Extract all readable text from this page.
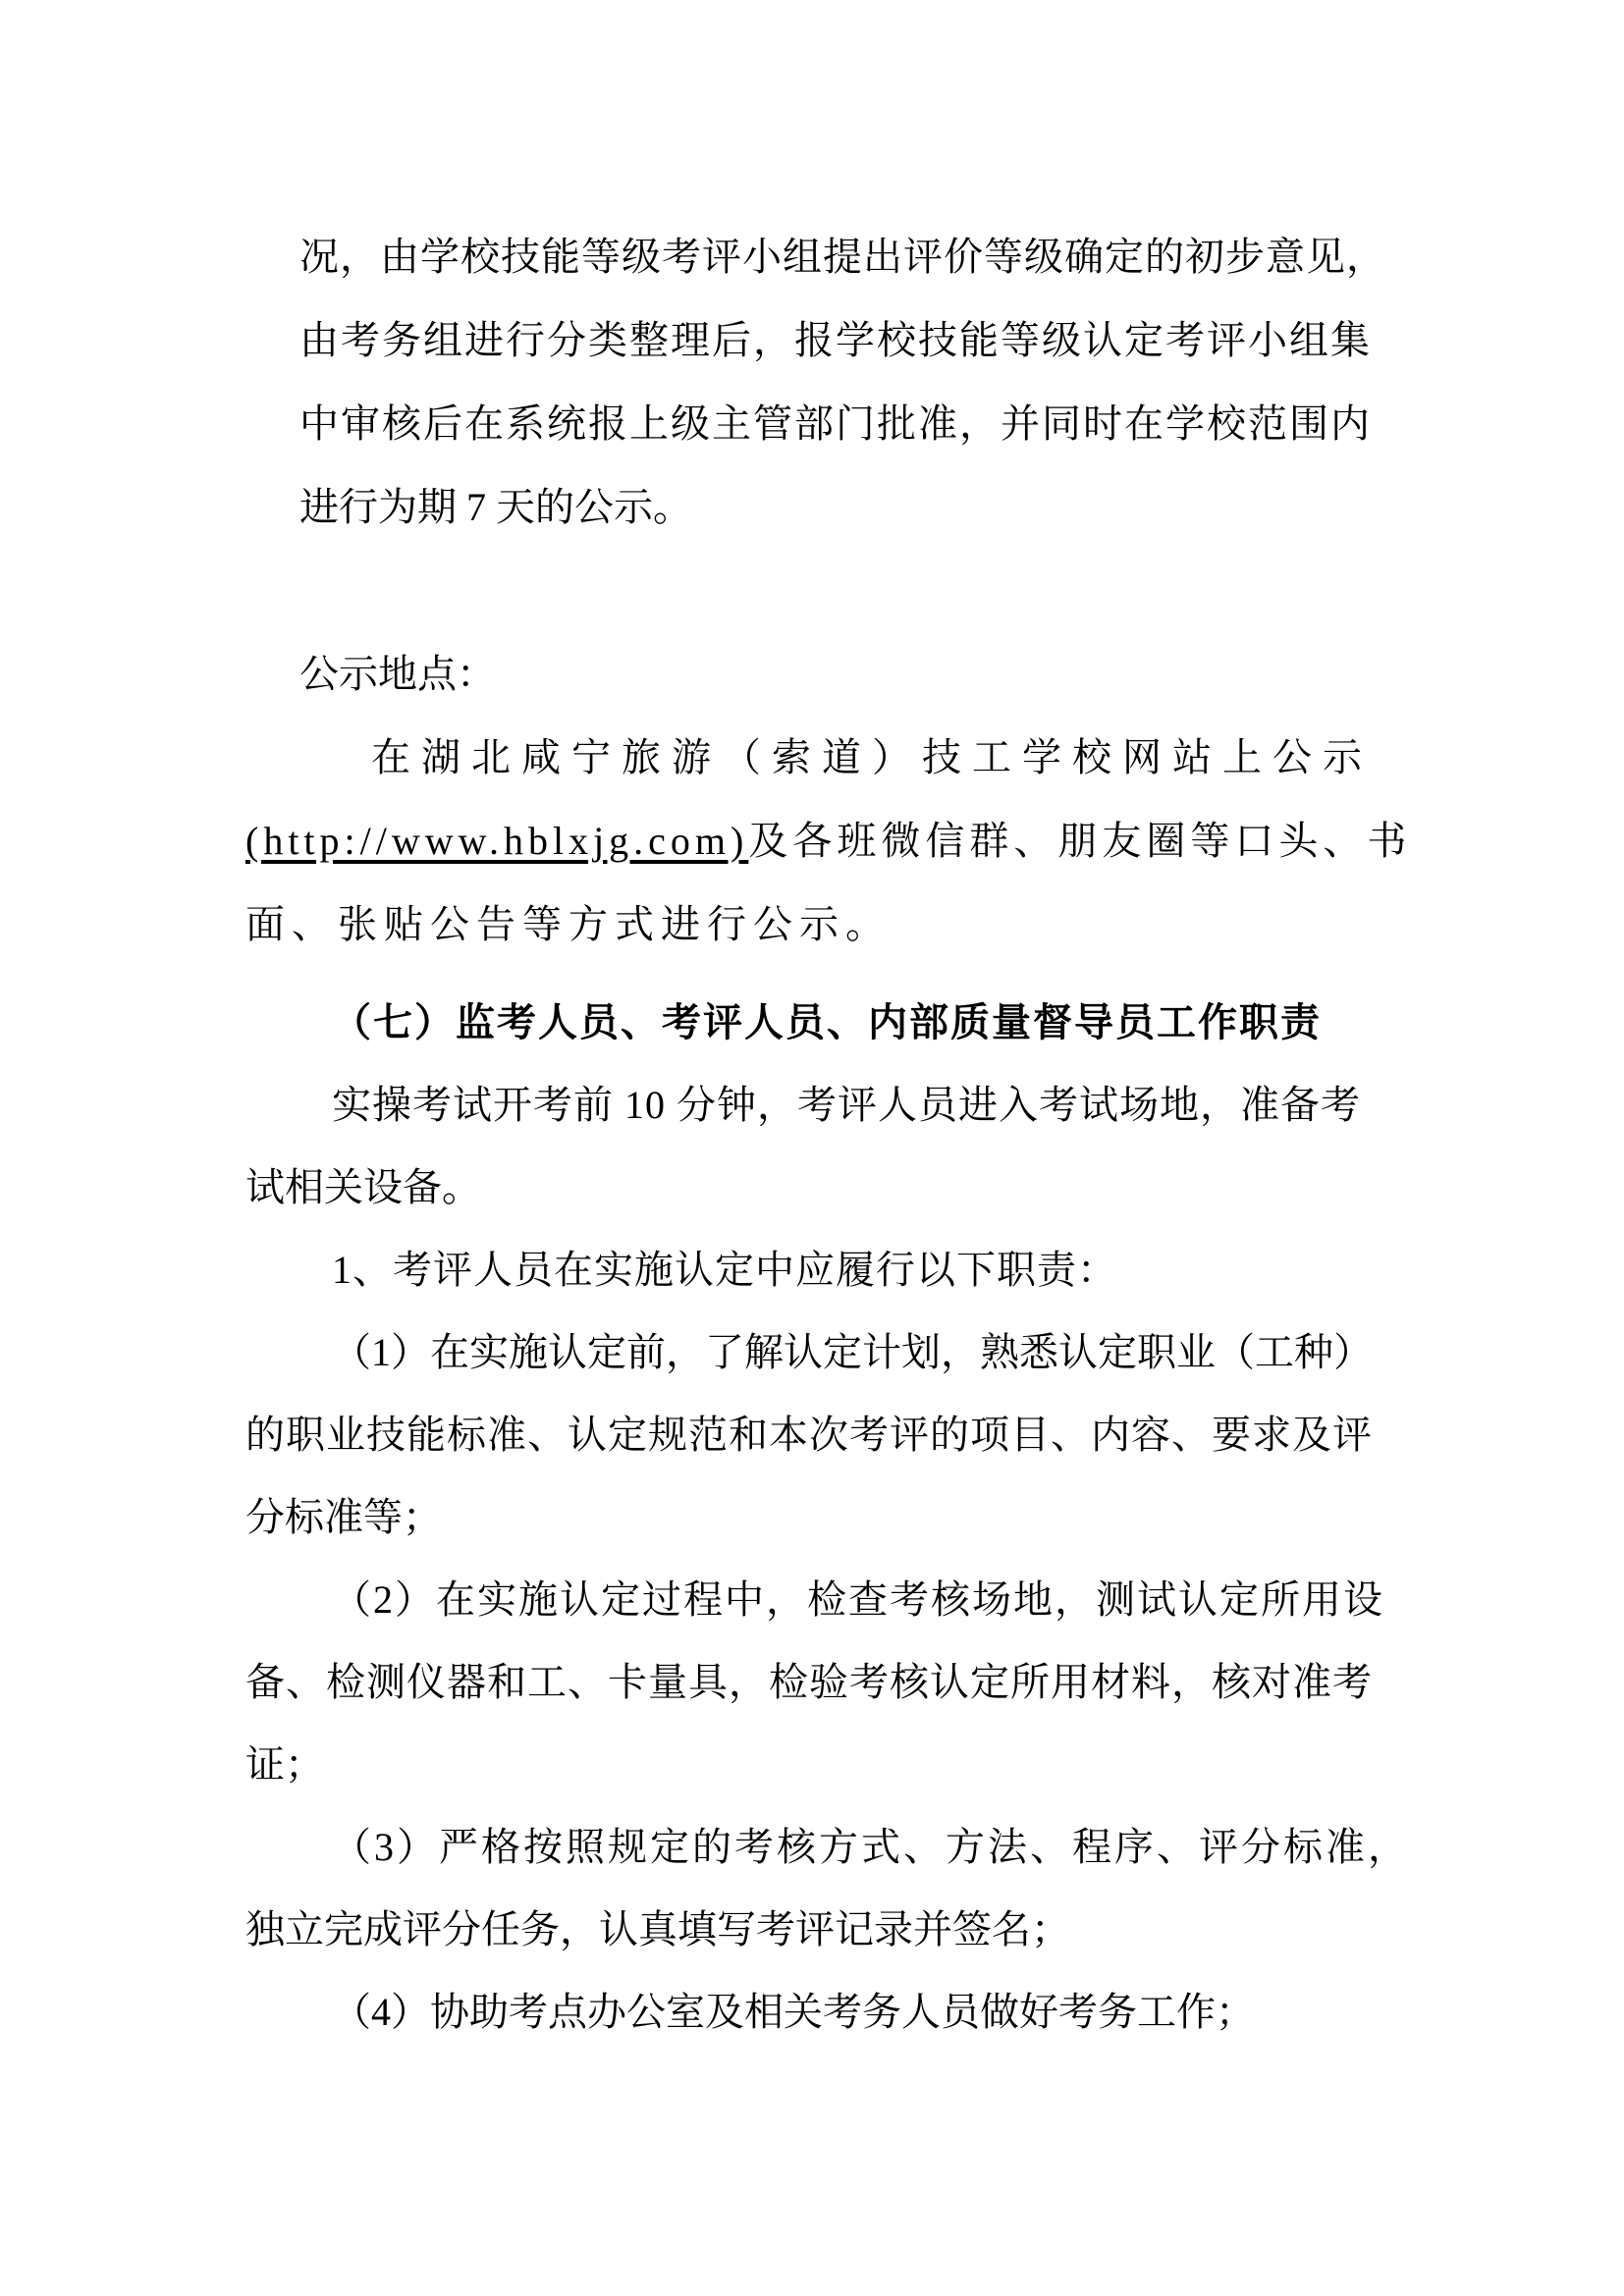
况，由学校技能等级考评小组提出评价等级确定的初步意见，
由考务组进行分类整理后，报学校技能等级认定考评小组集
中审核后在系统报上级主管部门批准，并同时在学校范围内
进行为期 7 天的公示。
公示地点：
在湖北咸宁旅游（索道）技工学校网站上公示
(http://www.hblxjg.com)及各班微信群、朋友圈等口头、书
面、张贴公告等方式进行公示。
（七）监考人员、考评人员、内部质量督导员工作职责
实操考试开考前 10 分钟，考评人员进入考试场地，准备考
试相关设备。
1、考评人员在实施认定中应履行以下职责：
（1）在实施认定前，了解认定计划，熟悉认定职业（工种）
的职业技能标准、认定规范和本次考评的项目、内容、要求及评
分标准等；
（2）在实施认定过程中，检查考核场地，测试认定所用设
备、检测仪器和工、卡量具，检验考核认定所用材料，核对准考
证；
（3）严格按照规定的考核方式、方法、程序、评分标准，
独立完成评分任务，认真填写考评记录并签名；
（4）协助考点办公室及相关考务人员做好考务工作；
